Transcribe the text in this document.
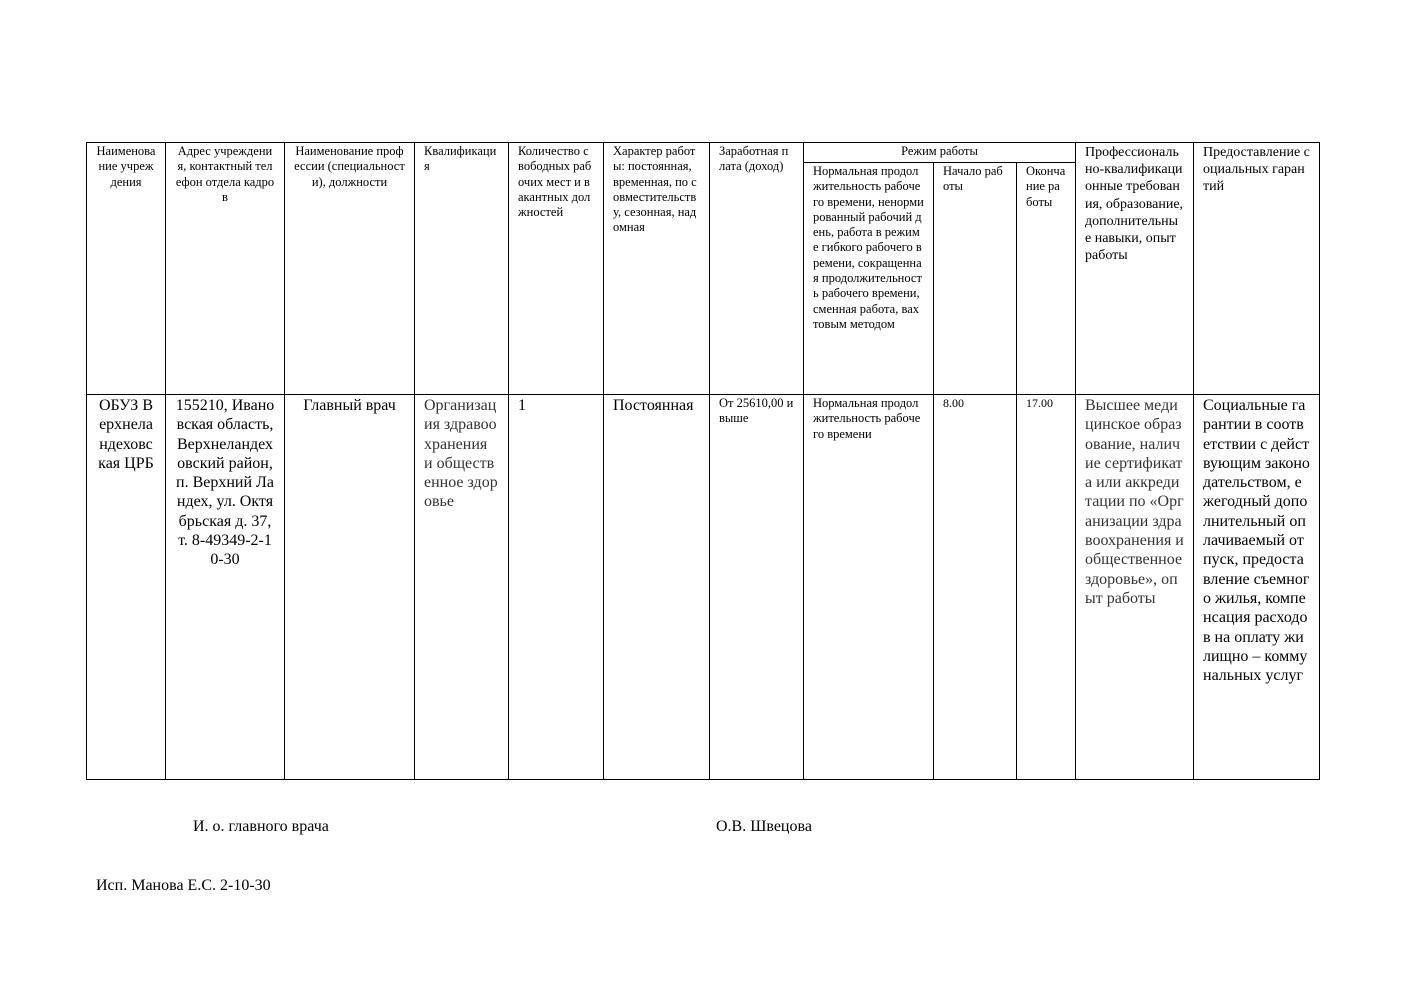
Наименование учреждения	Адрес учреждения, контактный телефон отдела кадров	Наименование профессии (специальности), должности	Квалификация	Количество свободных рабочих мест и вакантных должностей	Характер работы: постоянная, временная, по совместительству, сезонная, надомная	Заработная плата (доход)	Режим работы			Профессионально-квалификационные требования, образование, дополнительные навыки, опыт работы	Предоставление социальных гарантий
							Нормальная продолжительность рабочего времени, ненормированный рабочий день, работа в режиме гибкого рабочего времени, сокращенная продолжительность рабочего времени, сменная работа, вахтовым методом	Начало работы	Окончание работы		
ОБУЗ Верхнеландеховская ЦРБ	155210, Ивановская область, Верхнеландеховский район, п. Верхний Ландех, ул. Октябрьская д. 37, т. 8-49349-2-10-30	Главный врач	Организация здравоохранения и общественное здоровье	1	Постоянная	От 25610,00 и выше	Нормальная продолжительность рабочего времени	8.00	17.00	Высшее медицинское образование, наличие сертификата или аккредитации по «Организации здравоохранения и общественное здоровье», опыт работы	Социальные гарантии в соответствии с действующим законодательством, ежегодный дополнительный оплачиваемый отпуск, предоставление съемного жилья, компенсация расходов на оплату жилищно – коммунальных услуг
И. о. главного врача	О.В. Швецова
Исп. Манова Е.С. 2-10-30
